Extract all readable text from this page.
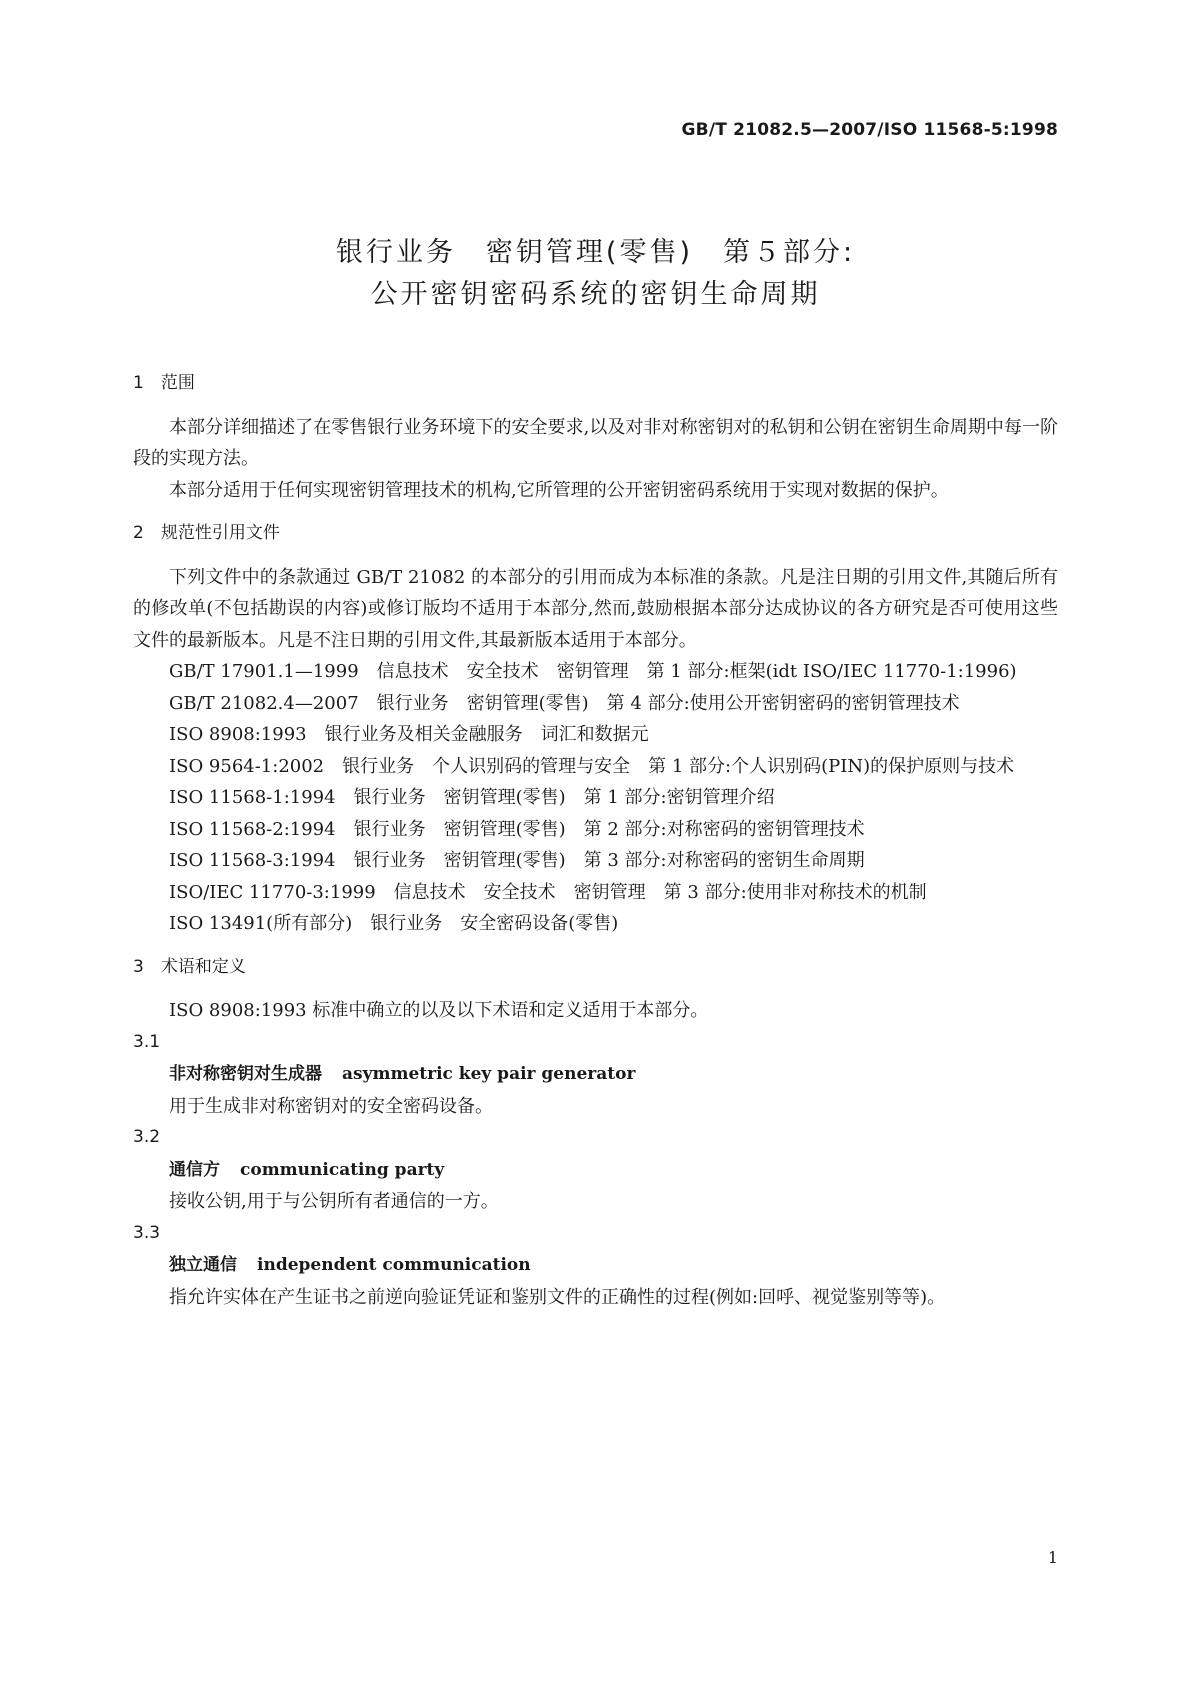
GB/T 21082.5—2007/ISO 11568-5:1998
银行业务　密钥管理(零售)　第５部分:
公开密钥密码系统的密钥生命周期
1　范围
本部分详细描述了在零售银行业务环境下的安全要求,以及对非对称密钥对的私钥和公钥在密钥生命周期中每一阶段的实现方法。
本部分适用于任何实现密钥管理技术的机构,它所管理的公开密钥密码系统用于实现对数据的保护。
2　规范性引用文件
下列文件中的条款通过 GB/T 21082 的本部分的引用而成为本标准的条款。凡是注日期的引用文件,其随后所有的修改单(不包括勘误的内容)或修订版均不适用于本部分,然而,鼓励根据本部分达成协议的各方研究是否可使用这些文件的最新版本。凡是不注日期的引用文件,其最新版本适用于本部分。
GB/T 17901.1—1999　信息技术　安全技术　密钥管理　第 1 部分:框架(idt ISO/IEC 11770-1:1996)
GB/T 21082.4—2007　银行业务　密钥管理(零售)　第 4 部分:使用公开密钥密码的密钥管理技术
ISO 8908:1993　银行业务及相关金融服务　词汇和数据元
ISO 9564-1:2002　银行业务　个人识别码的管理与安全　第 1 部分:个人识别码(PIN)的保护原则与技术
ISO 11568-1:1994　银行业务　密钥管理(零售)　第 1 部分:密钥管理介绍
ISO 11568-2:1994　银行业务　密钥管理(零售)　第 2 部分:对称密码的密钥管理技术
ISO 11568-3:1994　银行业务　密钥管理(零售)　第 3 部分:对称密码的密钥生命周期
ISO/IEC 11770-3:1999　信息技术　安全技术　密钥管理　第 3 部分:使用非对称技术的机制
ISO 13491(所有部分)　银行业务　安全密码设备(零售)
3　术语和定义
ISO 8908:1993 标准中确立的以及以下术语和定义适用于本部分。
3.1
非对称密钥对生成器 asymmetric key pair generator
用于生成非对称密钥对的安全密码设备。
3.2
通信方 communicating party
接收公钥,用于与公钥所有者通信的一方。
3.3
独立通信 independent communication
指允许实体在产生证书之前逆向验证凭证和鉴别文件的正确性的过程(例如:回呼、视觉鉴别等等)。
1
